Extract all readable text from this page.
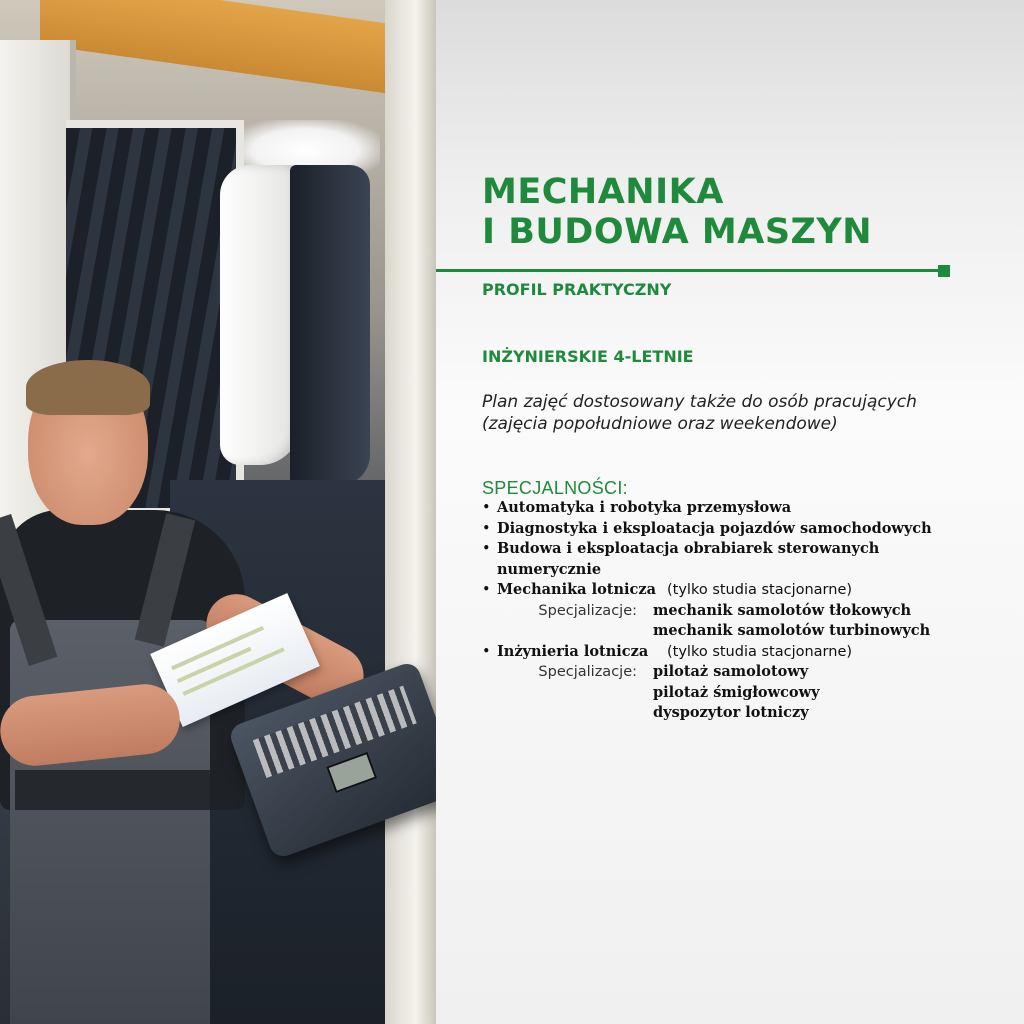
MECHANIKA
I BUDOWA MASZYN
PROFIL PRAKTYCZNY
INŻYNIERSKIE 4-LETNIE
Plan zajęć dostosowany także do osób pracujących
(zajęcia popołudniowe oraz weekendowe)
SPECJALNOŚCI:
• Automatyka i robotyka przemysłowa
• Diagnostyka i eksploatacja pojazdów samochodowych
• Budowa i eksploatacja obrabiarek sterowanych numerycznie
• Mechanika lotnicza (tylko studia stacjonarne)
Specjalizacje:	mechanik samolotów tłokowych
mechanik samolotów turbinowych
• Inżynieria lotnicza (tylko studia stacjonarne)
Specjalizacje:	pilotaż samolotowy
pilotaż śmigłowcowy
dyspozytor lotniczy
